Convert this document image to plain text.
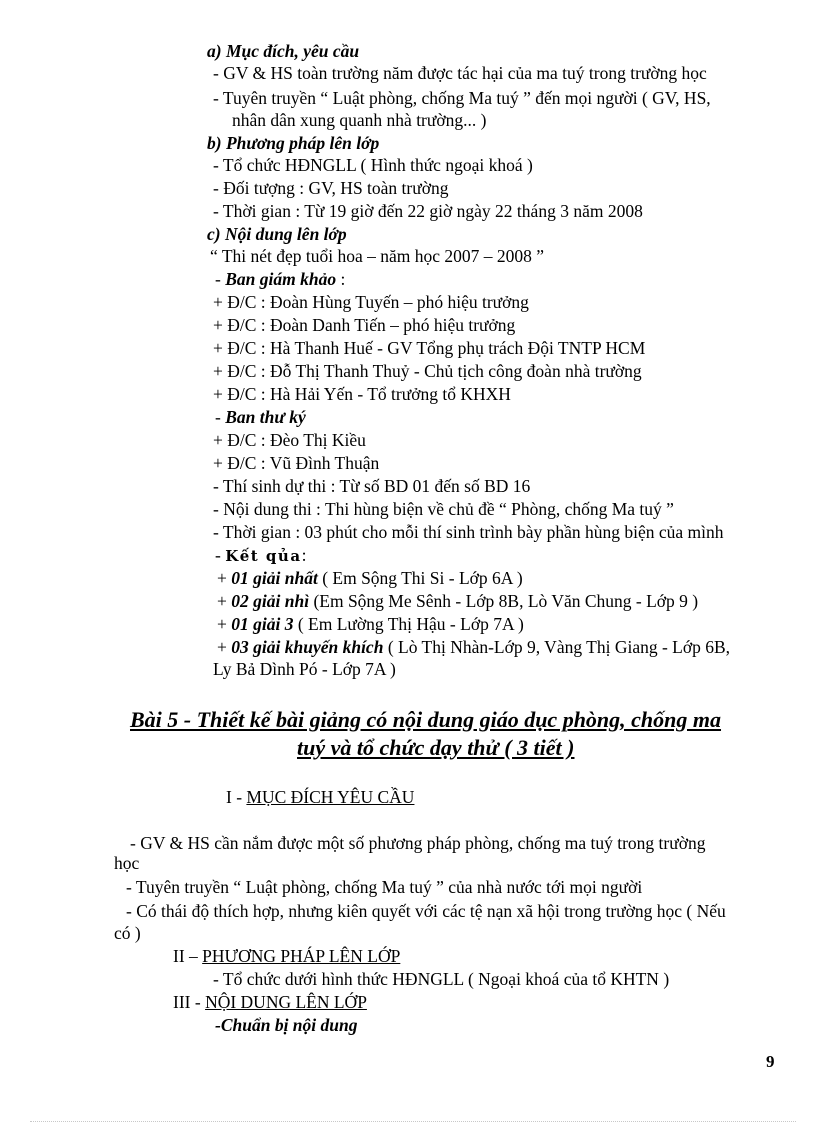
a) Mục đích, yêu cầu
- GV & HS toàn trường năm được tác hại của ma tuý trong trường học
- Tuyên truyền “ Luật phòng, chống Ma tuý ” đến mọi người ( GV, HS,
nhân dân xung quanh nhà trường... )
b) Phương pháp lên lớp
- Tổ chức HĐNGLL ( Hình thức ngoại khoá )
- Đối tượng : GV, HS toàn trường
- Thời gian : Từ 19 giờ đến 22 giờ ngày 22 tháng 3 năm 2008
c) Nội dung lên lớp
“ Thi nét đẹp tuổi hoa – năm học 2007 – 2008 ”
- Ban giám khảo :
+ Đ/C : Đoàn Hùng Tuyến – phó hiệu trưởng
+ Đ/C : Đoàn Danh Tiến – phó hiệu trưởng
+ Đ/C : Hà Thanh Huế - GV Tổng phụ trách Đội TNTP HCM
+ Đ/C : Đỗ Thị Thanh Thuỷ - Chủ tịch công đoàn nhà trường
+ Đ/C : Hà Hải Yến - Tổ trưởng tổ KHXH
- Ban thư ký
+ Đ/C : Đèo Thị Kiều
+ Đ/C : Vũ Đình Thuận
- Thí sinh dự thi : Từ số BD 01 đến số BD 16
- Nội dung thi : Thi hùng biện về chủ đề “ Phòng, chống Ma tuý ”
- Thời gian : 03 phút cho mỗi thí sinh trình bày phần hùng biện của mình
- Kết qủa:
+ 01 giải nhất ( Em Sộng Thi Si - Lớp 6A )
+ 02 giải nhì (Em Sộng Me Sênh - Lớp 8B, Lò Văn Chung - Lớp 9 )
+ 01 giải 3 ( Em Lường Thị Hậu - Lớp 7A )
+ 03 giải khuyến khích ( Lò Thị Nhàn-Lớp 9, Vàng Thị Giang - Lớp 6B,
Ly Bả Dình Pó - Lớp 7A )
Bài 5 - Thiết kế bài giảng có nội dung giáo dục phòng, chống ma
tuý và tổ chức dạy thử ( 3 tiết )
I - MỤC ĐÍCH YÊU CẦU
- GV & HS cần nắm được một số phương pháp phòng, chống ma tuý trong trường
học
- Tuyên truyền “ Luật phòng, chống Ma tuý ” của nhà nước tới mọi người
- Có thái độ thích hợp, nhưng kiên quyết với các tệ nạn xã hội trong trường học ( Nếu
có )
II – PHƯƠNG PHÁP LÊN LỚP
- Tổ chức dưới hình thức HĐNGLL ( Ngoại khoá của tổ KHTN )
III - NỘI DUNG LÊN LỚP
-Chuẩn bị nội dung
9
